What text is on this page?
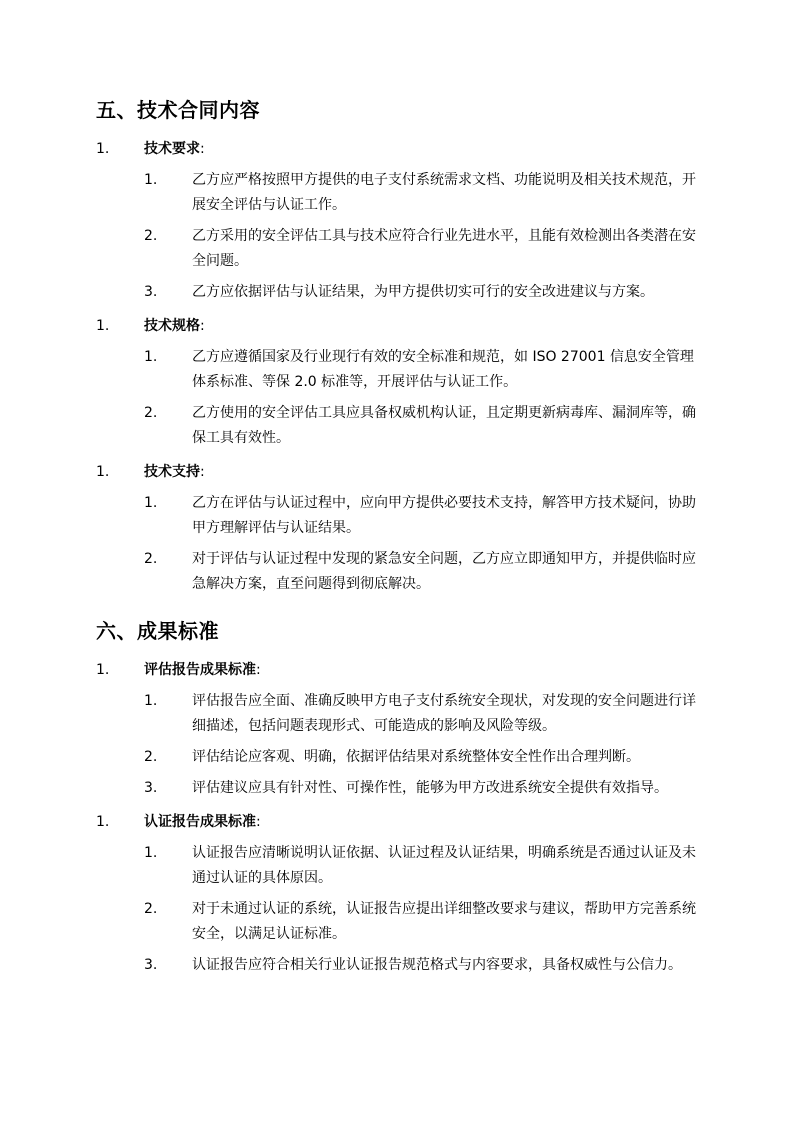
五、技术合同内容
1.	技术要求:
1.	乙方应严格按照甲方提供的电子支付系统需求文档、功能说明及相关技术规范，开展安全评估与认证工作。
2.	乙方采用的安全评估工具与技术应符合行业先进水平，且能有效检测出各类潜在安全问题。
3.	乙方应依据评估与认证结果，为甲方提供切实可行的安全改进建议与方案。
1.	技术规格:
1.	乙方应遵循国家及行业现行有效的安全标准和规范，如 ISO 27001 信息安全管理体系标准、等保 2.0 标准等，开展评估与认证工作。
2.	乙方使用的安全评估工具应具备权威机构认证，且定期更新病毒库、漏洞库等，确保工具有效性。
1.	技术支持:
1.	乙方在评估与认证过程中，应向甲方提供必要技术支持，解答甲方技术疑问，协助甲方理解评估与认证结果。
2.	对于评估与认证过程中发现的紧急安全问题，乙方应立即通知甲方，并提供临时应急解决方案，直至问题得到彻底解决。
六、成果标准
1.	评估报告成果标准:
1.	评估报告应全面、准确反映甲方电子支付系统安全现状，对发现的安全问题进行详细描述，包括问题表现形式、可能造成的影响及风险等级。
2.	评估结论应客观、明确，依据评估结果对系统整体安全性作出合理判断。
3.	评估建议应具有针对性、可操作性，能够为甲方改进系统安全提供有效指导。
1.	认证报告成果标准:
1.	认证报告应清晰说明认证依据、认证过程及认证结果，明确系统是否通过认证及未通过认证的具体原因。
2.	对于未通过认证的系统，认证报告应提出详细整改要求与建议，帮助甲方完善系统安全，以满足认证标准。
3.	认证报告应符合相关行业认证报告规范格式与内容要求，具备权威性与公信力。
